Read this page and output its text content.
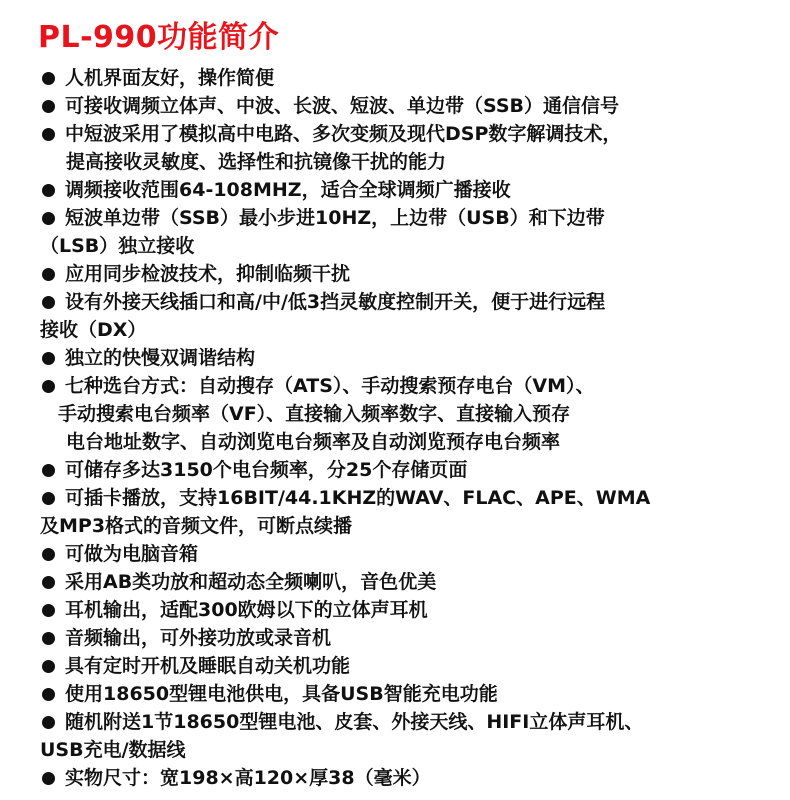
PL-990功能简介
人机界面友好，操作简便
可接收调频立体声、中波、长波、短波、单边带（SSB）通信信号
中短波采用了模拟高中电路、多次变频及现代DSP数字解调技术，
提高接收灵敏度、选择性和抗镜像干扰的能力
调频接收范围64-108MHZ，适合全球调频广播接收
短波单边带（SSB）最小步进10HZ，上边带（USB）和下边带
（LSB）独立接收
应用同步检波技术，抑制临频干扰
设有外接天线插口和高/中/低3挡灵敏度控制开关，便于进行远程
接收（DX）
独立的快慢双调谐结构
七种选台方式：自动搜存（ATS）、手动搜索预存电台（VM）、
手动搜索电台频率（VF）、直接输入频率数字、直接输入预存
电台地址数字、自动浏览电台频率及自动浏览预存电台频率
可储存多达3150个电台频率，分25个存储页面
可插卡播放，支持16BIT/44.1KHZ的WAV、FLAC、APE、WMA
及MP3格式的音频文件，可断点续播
可做为电脑音箱
采用AB类功放和超动态全频喇叭，音色优美
耳机输出，适配300欧姆以下的立体声耳机
音频输出，可外接功放或录音机
具有定时开机及睡眠自动关机功能
使用18650型锂电池供电，具备USB智能充电功能
随机附送1节18650型锂电池、皮套、外接天线、HIFI立体声耳机、
USB充电/数据线
实物尺寸：宽198×高120×厚38（毫米）
